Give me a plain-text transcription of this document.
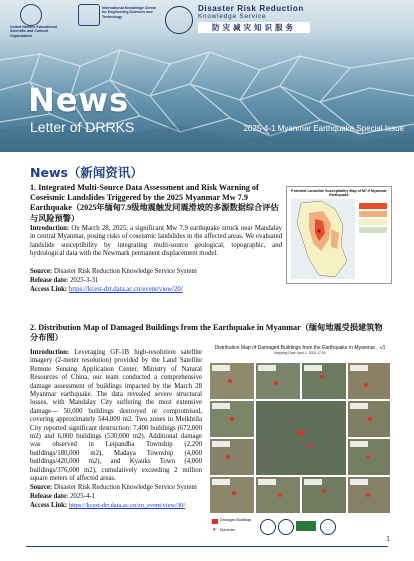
United Nations Educational, Scientific and Cultural Organization
International Knowledge Centre for Engineering Sciences and Technology
Disaster Risk Reduction
Knowledge Service
防灾减灾知识服务
News
Letter of DRRKS	2025-4-1 Myanmar Earthquake Special Issue
News（新闻资讯）
1. Integrated Multi-Source Data Assessment and Risk Warning of Coseismic Landslides Triggered by the 2025 Myanmar Mw 7.9 Earthquake（2025年缅甸7.9级地震触发同震滑坡的多源数据综合评估与风险预警）
Introduction: On March 28, 2025, a significant Mw 7.9 earthquake struck near Mandalay in central Myanmar, posing risks of coseismic landslides in the affected areas. We evaluated landslide susceptibility by integrating multi-source geological, topographic, and hydrological data with the Newmark permanent displacement model.
Source: Disaster Risk Reduction Knowledge Service System
Release date: 2025-3-31
Access Link: https://kcest-drr.data.ac.cn/event/view/20/
Potential Landslide Susceptibility Map of M7.9 Myanmar Earthquake
2. Distribution Map of Damaged Buildings from the Earthquake in Myanmar（缅甸地震受损建筑物分布图）
Introduction: Leveraging GF-1B high-resolution satellite imagery (2-meter resolution) provided by the Land Satellite Remote Sensing Application Center, Ministry of Natural Resources of China, our team conducted a comprehensive damage assessment of buildings impacted by the March 28 Myanmar earthquake. The data revealed severe structural losses, with Mandalay City suffering the most extensive damage— 50,000 buildings destroyed or compromised, covering approximately 544,000 m2. Two zones in Meikhtila City reported significant destruction: 7,400 buildings (672,000 m2) and 6,000 buildings (530,000 m2). Additional damage was observed in Leipandha Township (2,200 buildings/180,000 m2), Madaya Township (4,000 buildings/420,000 m2), and Kyauks Town (4,000 buildings/376,000 m2), cumulatively exceeding 2 million square meters of affected areas.
Source: Disaster Risk Reduction Knowledge Service System
Release date: 2025-4-1
Access Link: https://kcest-drr.data.ac.cn/zn_event/view/30/
Distribution Map of Damaged Buildings from the Earthquake in Myanmar，v1
Mapping Date: April 1, 2025 17:00
Damaged Buildings
★ Epicenter
1
